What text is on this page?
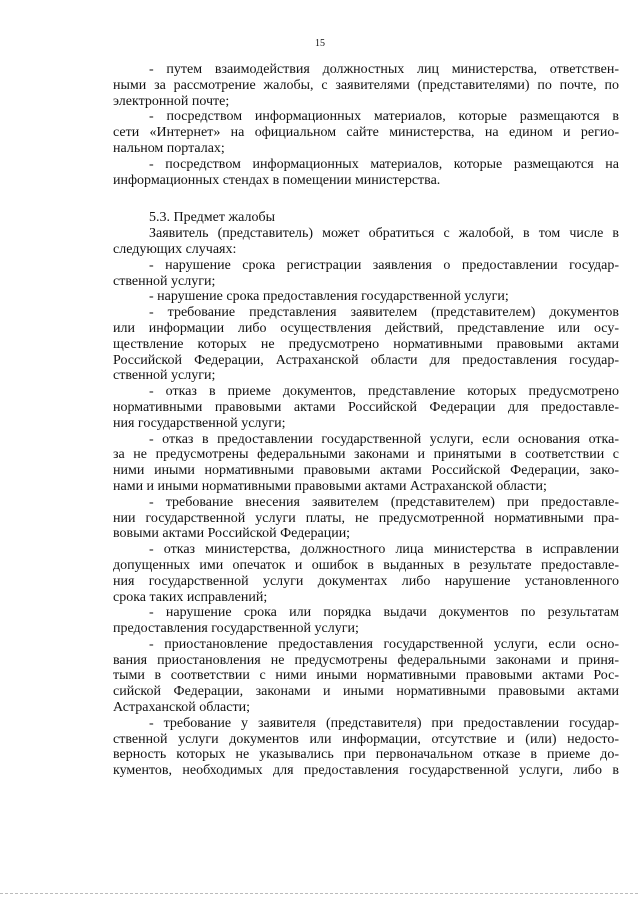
15
- путем взаимодействия должностных лиц министерства, ответствен-
ными за рассмотрение жалобы, с заявителями (представителями) по почте, по
электронной почте;
- посредством информационных материалов, которые размещаются в
сети «Интернет» на официальном сайте министерства, на едином и регио-
нальном порталах;
- посредством информационных материалов, которые размещаются на
информационных стендах в помещении министерства.
5.3. Предмет жалобы
Заявитель (представитель) может обратиться с жалобой, в том числе в
следующих случаях:
- нарушение срока регистрации заявления о предоставлении государ-
ственной услуги;
- нарушение срока предоставления государственной услуги;
- требование представления заявителем (представителем) документов
или информации либо осуществления действий, представление или осу-
ществление которых не предусмотрено нормативными правовыми актами
Российской Федерации, Астраханской области для предоставления государ-
ственной услуги;
- отказ в приеме документов, представление которых предусмотрено
нормативными правовыми актами Российской Федерации для предоставле-
ния государственной услуги;
- отказ в предоставлении государственной услуги, если основания отка-
за не предусмотрены федеральными законами и принятыми в соответствии с
ними иными нормативными правовыми актами Российской Федерации, зако-
нами и иными нормативными правовыми актами Астраханской области;
- требование внесения заявителем (представителем) при предоставле-
нии государственной услуги платы, не предусмотренной нормативными пра-
вовыми актами Российской Федерации;
- отказ министерства, должностного лица министерства в исправлении
допущенных ими опечаток и ошибок в выданных в результате предоставле-
ния государственной услуги документах либо нарушение установленного
срока таких исправлений;
- нарушение срока или порядка выдачи документов по результатам
предоставления государственной услуги;
- приостановление предоставления государственной услуги, если осно-
вания приостановления не предусмотрены федеральными законами и приня-
тыми в соответствии с ними иными нормативными правовыми актами Рос-
сийской Федерации, законами и иными нормативными правовыми актами
Астраханской области;
- требование у заявителя (представителя) при предоставлении государ-
ственной услуги документов или информации, отсутствие и (или) недосто-
верность которых не указывались при первоначальном отказе в приеме до-
кументов, необходимых для предоставления государственной услуги, либо в
